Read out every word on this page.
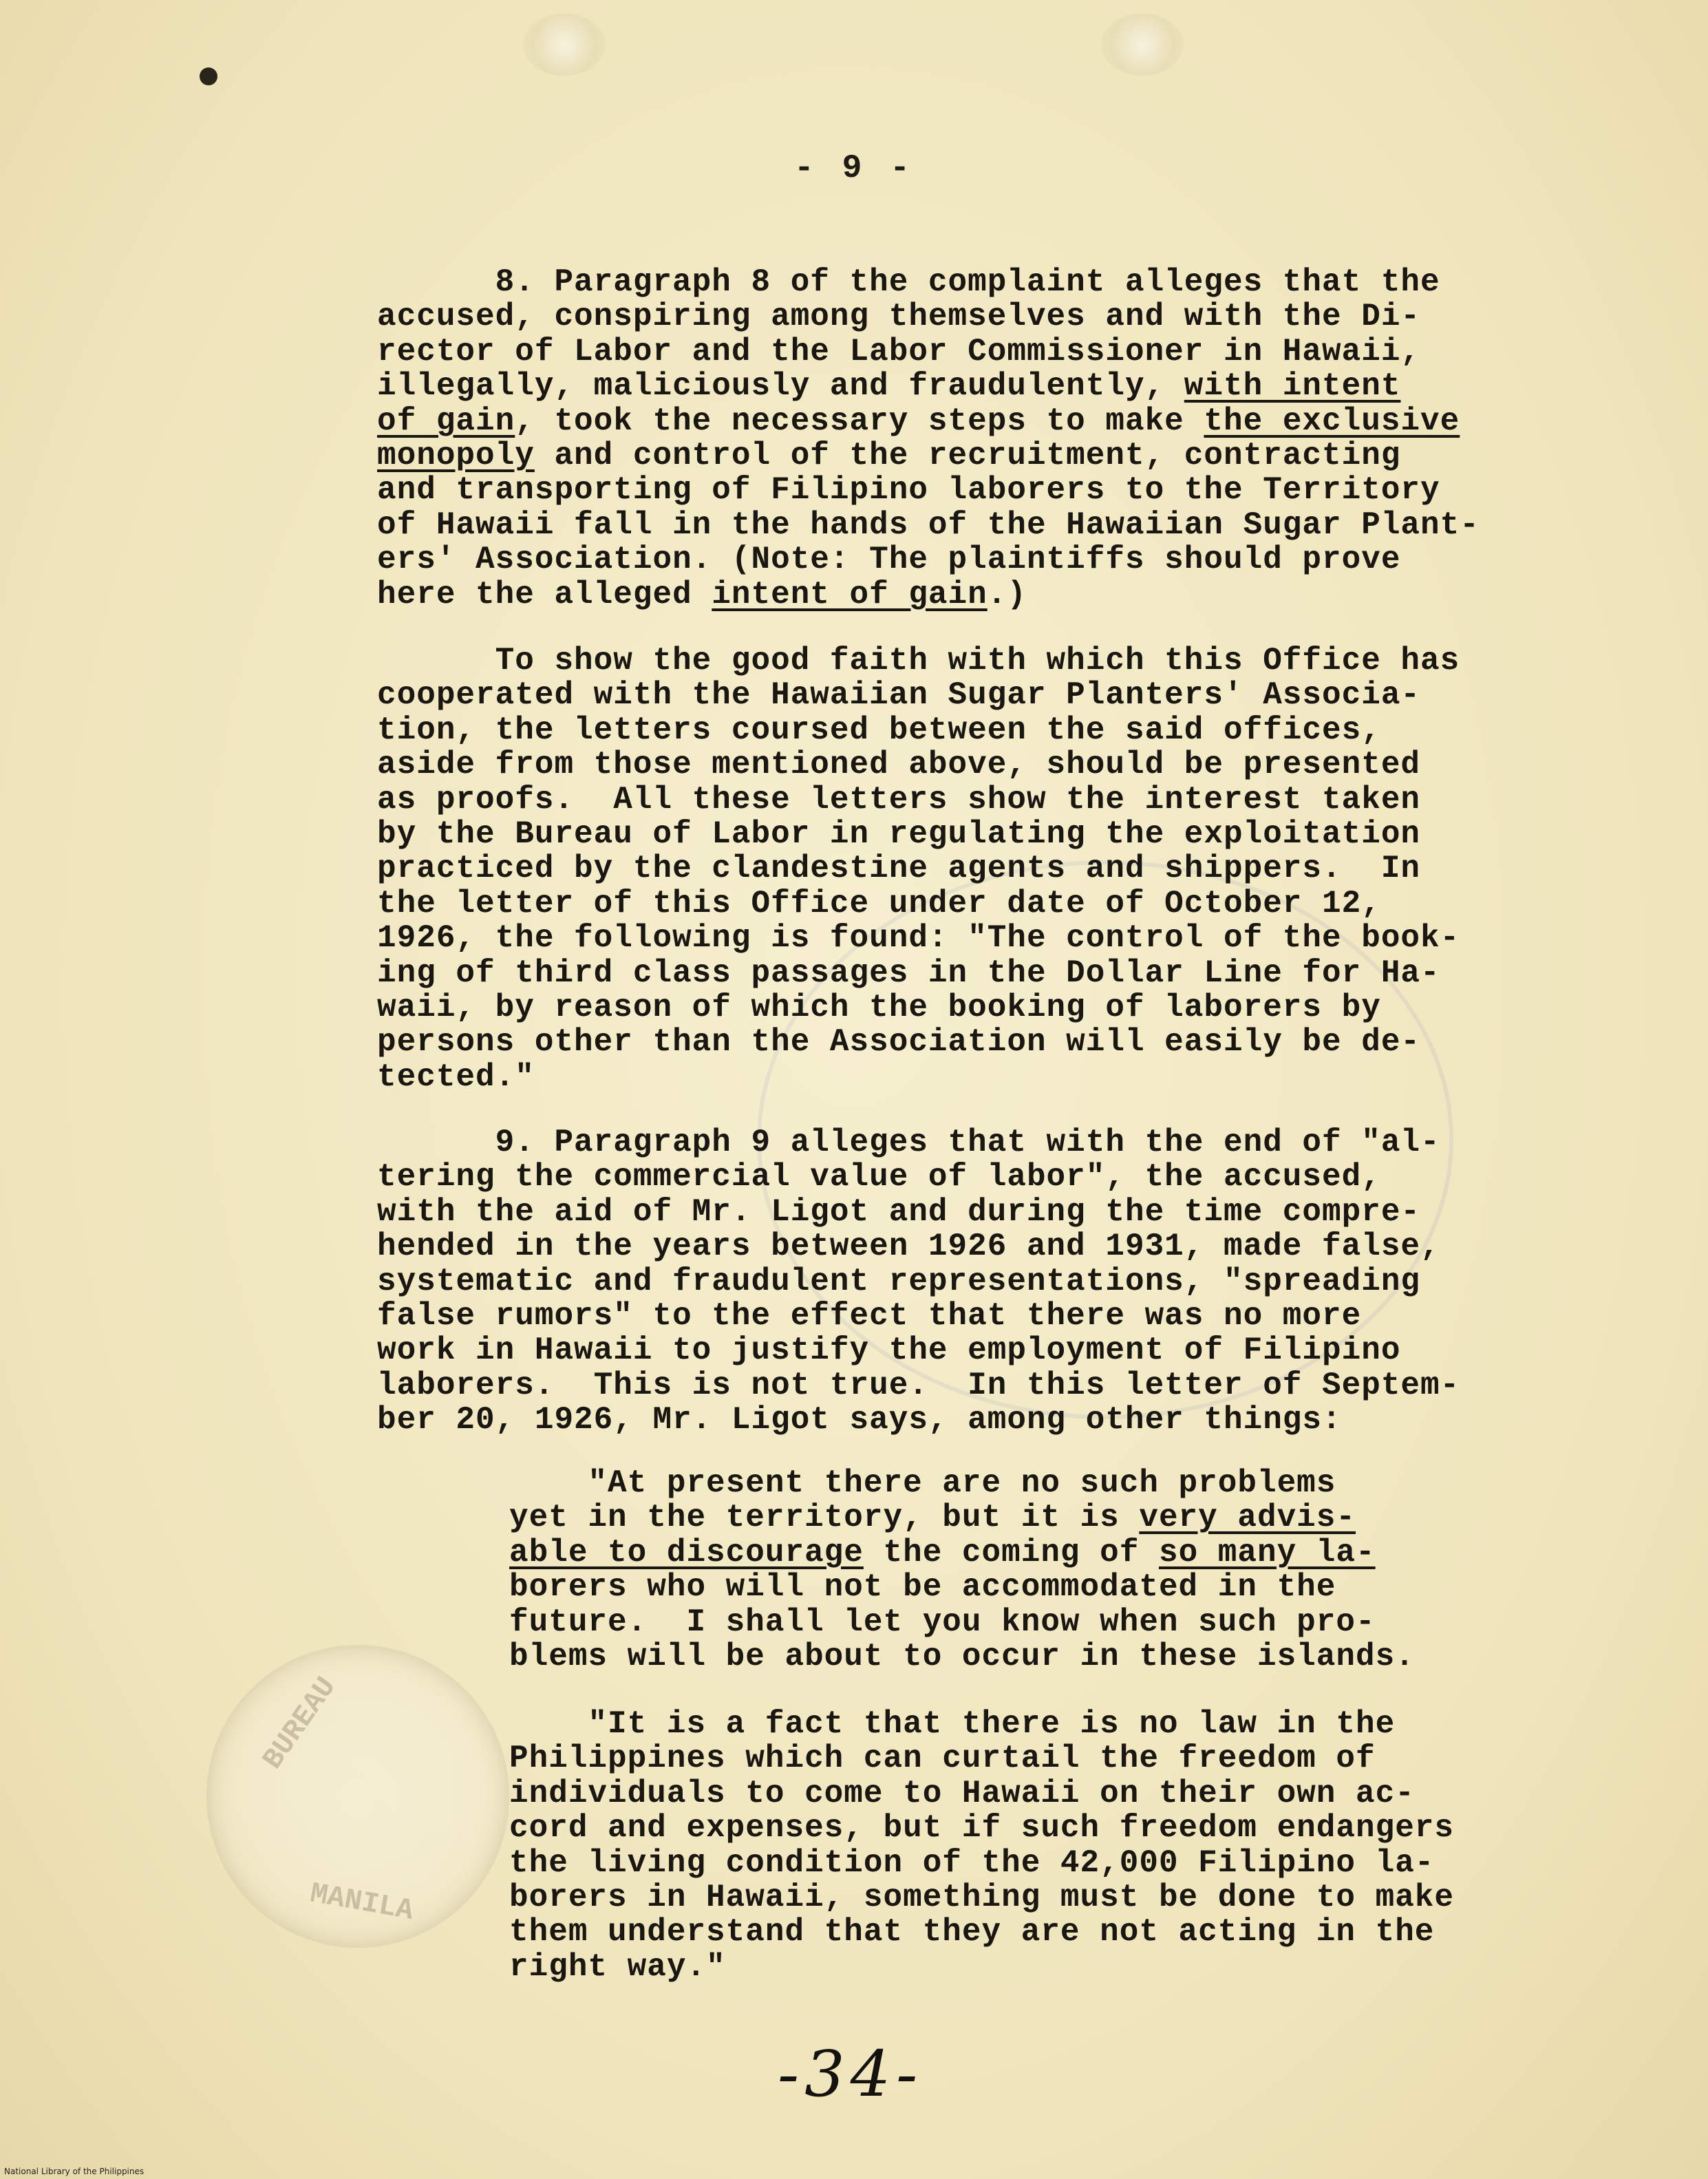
BUREAU
MANILA
- 9 -
8. Paragraph 8 of the complaint alleges that the
accused, conspiring among themselves and with the Di-
rector of Labor and the Labor Commissioner in Hawaii,
illegally, maliciously and fraudulently, with intent
of gain, took the necessary steps to make the exclusive
monopoly and control of the recruitment, contracting
and transporting of Filipino laborers to the Territory
of Hawaii fall in the hands of the Hawaiian Sugar Plant-
ers' Association. (Note: The plaintiffs should prove
here the alleged intent of gain.)
To show the good faith with which this Office has
cooperated with the Hawaiian Sugar Planters' Associa-
tion, the letters coursed between the said offices,
aside from those mentioned above, should be presented
as proofs.  All these letters show the interest taken
by the Bureau of Labor in regulating the exploitation
practiced by the clandestine agents and shippers.  In
the letter of this Office under date of October 12,
1926, the following is found: "The control of the book-
ing of third class passages in the Dollar Line for Ha-
waii, by reason of which the booking of laborers by
persons other than the Association will easily be de-
tected."
9. Paragraph 9 alleges that with the end of "al-
tering the commercial value of labor", the accused,
with the aid of Mr. Ligot and during the time compre-
hended in the years between 1926 and 1931, made false,
systematic and fraudulent representations, "spreading
false rumors" to the effect that there was no more
work in Hawaii to justify the employment of Filipino
laborers.  This is not true.  In this letter of Septem-
ber 20, 1926, Mr. Ligot says, among other things:
"At present there are no such problems
yet in the territory, but it is very advis-
able to discourage the coming of so many la-
borers who will not be accommodated in the
future.  I shall let you know when such pro-
blems will be about to occur in these islands.
"It is a fact that there is no law in the
Philippines which can curtail the freedom of
individuals to come to Hawaii on their own ac-
cord and expenses, but if such freedom endangers
the living condition of the 42,000 Filipino la-
borers in Hawaii, something must be done to make
them understand that they are not acting in the
right way."
-34-
National Library of the Philippines
